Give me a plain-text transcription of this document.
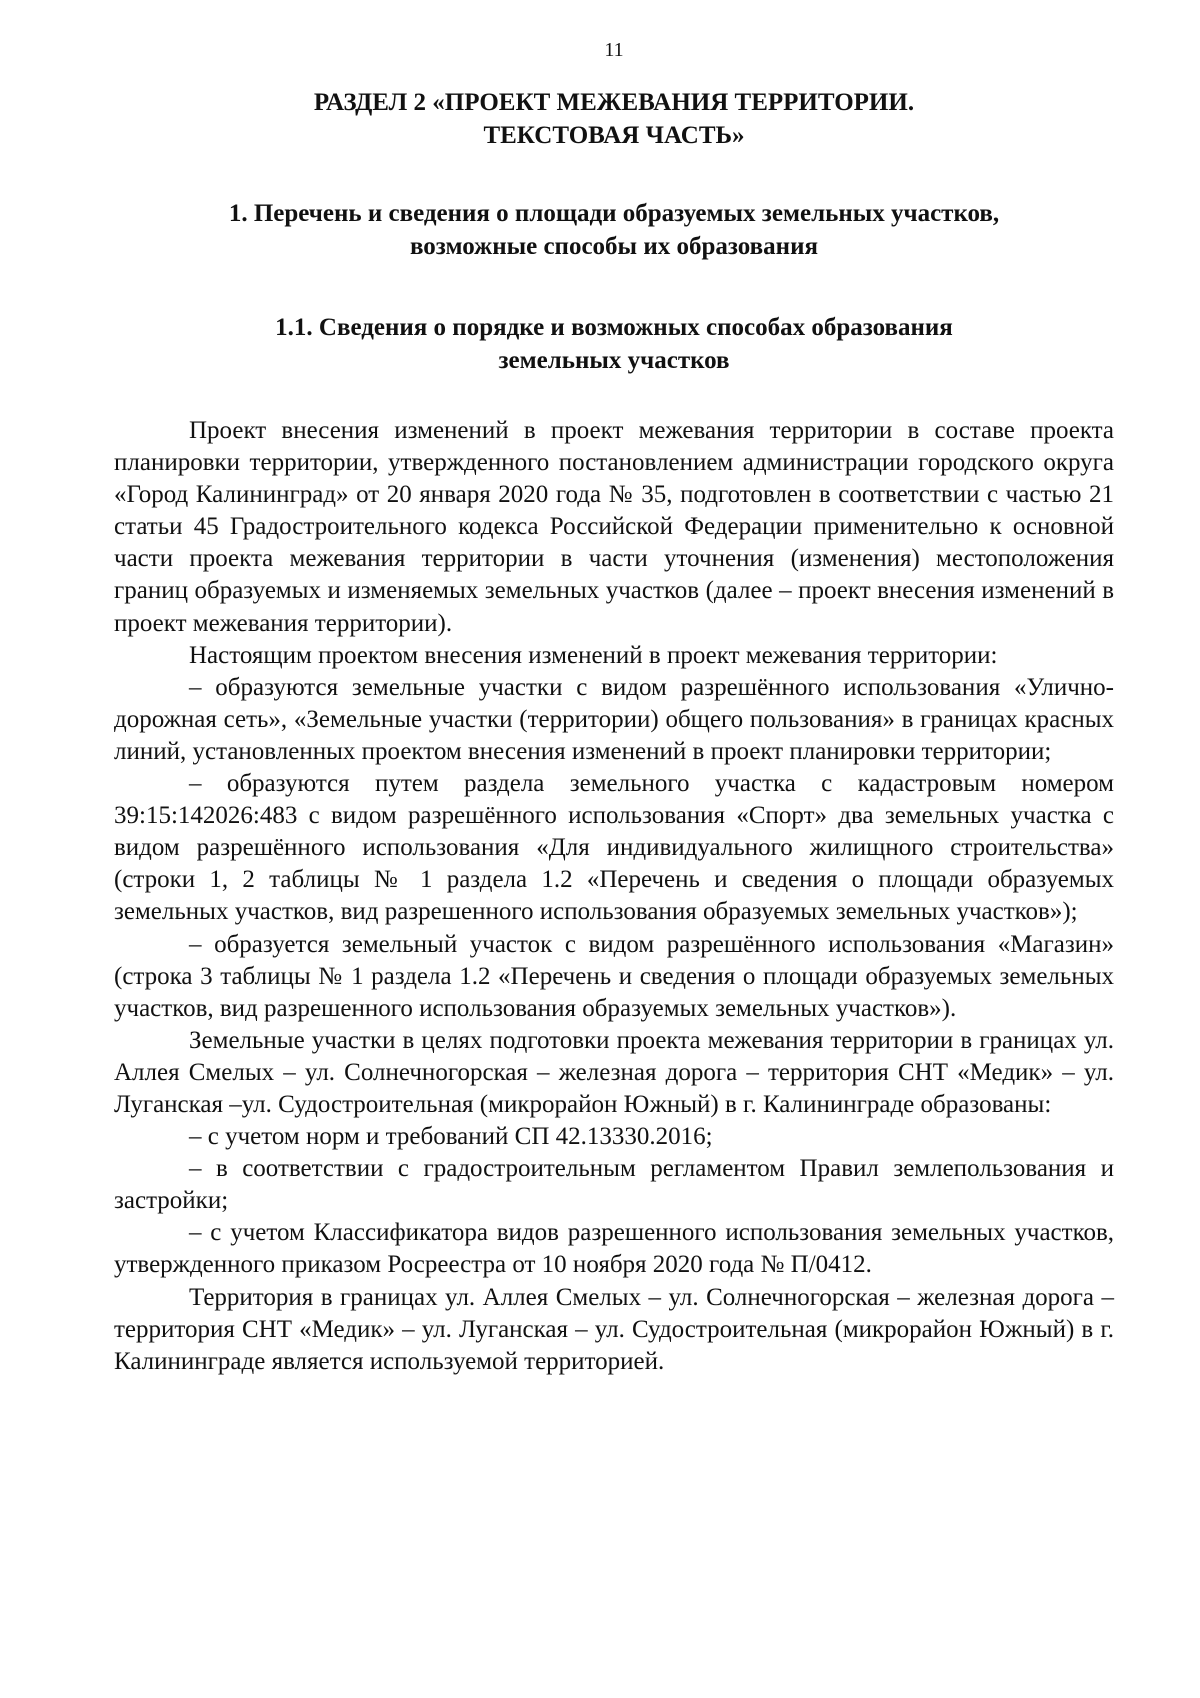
11
РАЗДЕЛ 2 «ПРОЕКТ МЕЖЕВАНИЯ ТЕРРИТОРИИ.
ТЕКСТОВАЯ ЧАСТЬ»
1. Перечень и сведения о площади образуемых земельных участков,
возможные способы их образования
1.1. Сведения о порядке и возможных способах образования
земельных участков

Проект внесения изменений в проект межевания территории в составе проекта планировки территории, утвержденного постановлением администрации городского округа «Город Калининград» от 20 января 2020 года № 35, подготовлен в соответствии с частью 21 статьи 45 Градостроительного кодекса Российской Федерации применительно к основной части проекта межевания территории в части уточнения (изменения) местоположения границ образуемых и изменяемых земельных участков (далее – проект внесения изменений в проект межевания территории).

Настоящим проектом внесения изменений в проект межевания территории:

– образуются земельные участки с видом разрешённого использования «Улично-дорожная сеть», «Земельные участки (территории) общего пользования» в границах красных линий, установленных проектом внесения изменений в проект планировки территории;

– образуются путем раздела земельного участка с кадастровым номером 39:15:142026:483 с видом разрешённого использования «Спорт» два земельных участка с видом разрешённого использования «Для индивидуального жилищного строительства» (строки 1, 2 таблицы № 1 раздела 1.2 «Перечень и сведения о площади образуемых земельных участков, вид разрешенного использования образуемых земельных участков»);

– образуется земельный участок с видом разрешённого использования «Магазин» (строка 3 таблицы № 1 раздела 1.2 «Перечень и сведения о площади образуемых земельных участков, вид разрешенного использования образуемых земельных участков»).

Земельные участки в целях подготовки проекта межевания территории в границах ул. Аллея Смелых – ул. Солнечногорская – железная дорога – территория СНТ «Медик» – ул. Луганская –ул. Судостроительная (микрорайон Южный) в г. Калининграде образованы:

– с учетом норм и требований СП 42.13330.2016;

– в соответствии с градостроительным регламентом Правил землепользования и застройки;

– с учетом Классификатора видов разрешенного использования земельных участков, утвержденного приказом Росреестра от 10 ноября 2020 года № П/0412.

Территория в границах ул. Аллея Смелых – ул. Солнечногорская – железная дорога – территория СНТ «Медик» – ул. Луганская – ул. Судостроительная (микрорайон Южный) в г. Калининграде является используемой территорией.
